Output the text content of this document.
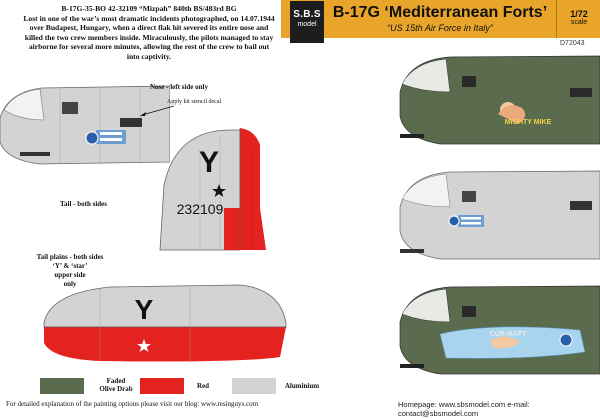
B-17G-35-BO 42-32109 “Mizpah” 840th BS/483rd BG
Lost in one of the war’s most dramatic incidents photographed, on 14.07.1944
over Budapest, Hungary, when a direct flak hit severed its entire nose and
killed the two crew members inside. Miraculously, the pilots managed to stay
airborne for several more minutes, allowing the rest of the crew to bail out
into captivity.
S.B.S
model
B-17G ‘Mediterranean Forts’
“US 15th Air Force in Italy”
1/72
scale
D72043
Nose - left side only
Apply kit stencil decal
Y
232109
Tail - both sides
Tail plains - both sides
‘Y’ & ‘star’
upper side
only
Y
MIGHTY MIKE
CUR-RAPT
Faded
Olive Drab	Red	Aluminium
For detailed explanation of the painting options please visit our blog: www.resinguys.com	Homepage: www.sbsmodel.com e-mail: contact@sbsmodel.com
